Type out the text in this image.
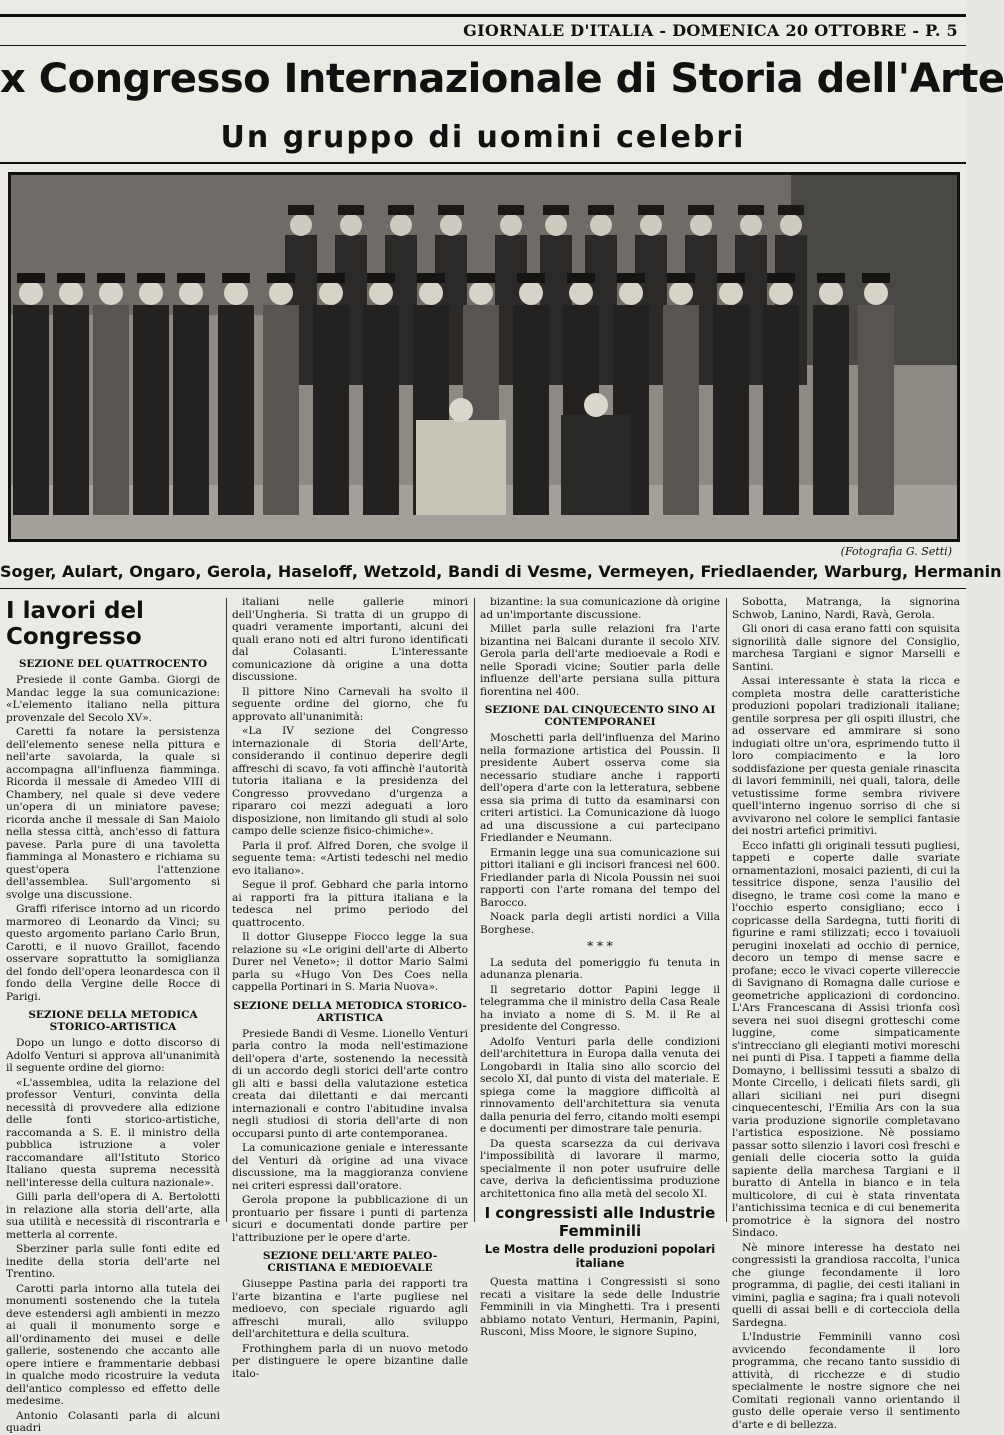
GIORNALE D'ITALIA - DOMENICA 20 OTTOBRE - P. 5
x Congresso Internazionale di Storia dell'Arte
Un gruppo di uomini celebri
(Fotografia G. Setti)
Soger, Aulart, Ongaro, Gerola, Haseloff, Wetzold, Bandi di Vesme, Vermeyen, Friedlaender, Warburg, Hermanin
I lavori del Congresso
SEZIONE DEL QUATTROCENTO

Presiede il conte Gamba. Giorgi de Mandac legge la sua comunicazione: «L'elemento italiano nella pittura provenzale del Secolo XV».

Caretti fa notare la persistenza dell'elemento senese nella pittura e nell'arte savoiarda, la quale si accompagna all'influenza fiamminga. Ricorda il messale di Amedeo VIII di Chambery, nel quale si deve vedere un'opera di un miniatore pavese; ricorda anche il messale di San Maiolo nella stessa città, anch'esso di fattura pavese. Parla pure di una tavoletta fiamminga al Monastero e richiama su quest'opera l'attenzione dell'assemblea. Sull'argomento si svolge una discussione.

Graffi riferisce intorno ad un ricordo marmoreo di Leonardo da Vinci; su questo argomento parlano Carlo Brun, Carotti, e il nuovo Graillot, facendo osservare soprattutto la somiglianza del fondo dell'opera leonardesca con il fondo della Vergine delle Rocce di Parigi.

SEZIONE DELLA METODICA STORICO-ARTISTICA

Dopo un lungo e dotto discorso di Adolfo Venturi si approva all'unanimità il seguente ordine del giorno:

«L'assemblea, udita la relazione del professor Venturi, convinta della necessità di provvedere alla edizione delle fonti storico-artistiche, raccomanda a S. E. il ministro della pubblica istruzione a voler raccomandare all'Istituto Storico Italiano questa suprema necessità nell'interesse della cultura nazionale».

Gilli parla dell'opera di A. Bertolotti in relazione alla storia dell'arte, alla sua utilità e necessità di riscontrarla e metterla al corrente.

Sberziner parla sulle fonti edite ed inedite della storia dell'arte nel Trentino.

Carotti parla intorno alla tutela dei monumenti sostenendo che la tutela deve estendersi agli ambienti in mezzo ai quali il monumento sorge e all'ordinamento dei musei e delle gallerie, sostenendo che accanto alle opere intiere e frammentarie debbasi in qualche modo ricostruire la veduta dell'antico complesso ed effetto delle medesime.

Antonio Colasanti parla di alcuni quadri

italiani nelle gallerie minori dell'Ungheria. Si tratta di un gruppo di quadri veramente importanti, alcuni dei quali erano noti ed altri furono identificati dal Colasanti. L'interessante comunicazione dà origine a una dotta discussione.

Il pittore Nino Carnevali ha svolto il seguente ordine del giorno, che fu approvato all'unanimità:

«La IV sezione del Congresso internazionale di Storia dell'Arte, considerando il continuo deperire degli affreschi di scavo, fa voti affinchè l'autorità tutoria italiana e la presidenza del Congresso provvedano d'urgenza a ripararo coi mezzi adeguati a loro disposizione, non limitando gli studi al solo campo delle scienze fisico-chimiche».

Parla il prof. Alfred Doren, che svolge il seguente tema: «Artisti tedeschi nel medio evo italiano».

Segue il prof. Gebhard che parla intorno ai rapporti fra la pittura italiana e la tedesca nel primo periodo del quattrocento.

Il dottor Giuseppe Fiocco legge la sua relazione su «Le origini dell'arte di Alberto Durer nel Veneto»; il dottor Mario Salmi parla su «Hugo Von Des Coes nella cappella Portinari in S. Maria Nuova».

SEZIONE DELLA METODICA STORICO-ARTISTICA

Presiede Bandi di Vesme. Lionello Venturi parla contro la moda nell'estimazione dell'opera d'arte, sostenendo la necessità di un accordo degli storici dell'arte contro gli alti e bassi della valutazione estetica creata dai dilettanti e dai mercanti internazionali e contro l'abitudine invalsa negli studiosi di storia dell'arte di non occuparsi punto di arte contemporanea.

La comunicazione geniale e interessante del Venturi dà origine ad una vivace discussione, ma la maggioranza conviene nei criteri espressi dall'oratore.

Gerola propone la pubblicazione di un prontuario per fissare i punti di partenza sicuri e documentati donde partire per l'attribuzione per le opere d'arte.

SEZIONE DELL'ARTE PALEO-CRISTIANA E MEDIOEVALE

Giuseppe Pastina parla dei rapporti tra l'arte bizantina e l'arte pugliese nel medioevo, con speciale riguardo agli affreschi murali, allo sviluppo dell'architettura e della scultura.

Frothinghem parla di un nuovo metodo per distinguere le opere bizantine dalle italo-

bizantine: la sua comunicazione dà origine ad un'importante discussione.

Millet parla sulle relazioni fra l'arte bizantina nei Balcani durante il secolo XIV. Gerola parla dell'arte medioevale a Rodi e nelle Sporadi vicine; Soutier parla delle influenze dell'arte persiana sulla pittura fiorentina nel 400.

SEZIONE DAL CINQUECENTO SINO AI CONTEMPORANEI

Moschetti parla dell'influenza del Marino nella formazione artistica del Poussin. Il presidente Aubert osserva come sia necessario studiare anche i rapporti dell'opera d'arte con la letteratura, sebbene essa sia prima di tutto da esaminarsi con criteri artistici. La Comunicazione dà luogo ad una discussione a cui partecipano Friedlander e Neumann.

Ermanin legge una sua comunicazione sui pittori italiani e gli incisori francesi nel 600. Friedlander parla di Nicola Poussin nei suoi rapporti con l'arte romana del tempo del Barocco.

Noack parla degli artisti nordici a Villa Borghese.

* * *

La seduta del pomeriggio fu tenuta in adunanza plenaria.

Il segretario dottor Papini legge il telegramma che il ministro della Casa Reale ha inviato a nome di S. M. il Re al presidente del Congresso.

Adolfo Venturi parla delle condizioni dell'architettura in Europa dalla venuta dei Longobardi in Italia sino allo scorcio del secolo XI, dal punto di vista del materiale. E spiega come la maggiore difficoltà al rinnovamento dell'architettura sia venuta dalla penuria del ferro, citando molti esempi e documenti per dimostrare tale penuria.

Da questa scarsezza da cui derivava l'impossibilità di lavorare il marmo, specialmente il non poter usufruire delle cave, deriva la deficientissima produzione architettonica fino alla metà del secolo XI.

I congressisti alle Industrie Femminili
Le Mostra delle produzioni popolari italiane

Questa mattina i Congressisti si sono recati a visitare la sede delle Industrie Femminili in via Minghetti. Tra i presenti abbiamo notato Venturi, Hermanin, Papini, Rusconi, Miss Moore, le signore Supino,

Sobotta, Matranga, la signorina Schwob, Lanino, Nardi, Ravà, Gerola.

Gli onori di casa erano fatti con squisita signorilità dalle signore del Consiglio, marchesa Targiani e signor Marselli e Santini.

Assai interessante è stata la ricca e completa mostra delle caratteristiche produzioni popolari tradizionali italiane; gentile sorpresa per gli ospiti illustri, che ad osservare ed ammirare si sono indugiati oltre un'ora, esprimendo tutto il loro compiacimento e la loro soddisfazione per questa geniale rinascita di lavori femminili, nei quali, talora, delle vetustissime forme sembra rivivere quell'interno ingenuo sorriso di che si avvivarono nel colore le semplici fantasie dei nostri artefici primitivi.

Ecco infatti gli originali tessuti pugliesi, tappeti e coperte dalle svariate ornamentazioni, mosaici pazienti, di cui la tessitrice dispone, senza l'ausilio del disegno, le trame così come la mano e l'occhio esperto consigliano; ecco i copricasse della Sardegna, tutti fioriti di figurine e rami stilizzati; ecco i tovaiuoli perugini inoxelati ad occhio di pernice, decoro un tempo di mense sacre e profane; ecco le vivaci coperte villereccie di Savignano di Romagna dalle curiose e geometriche applicazioni di cordoncino. L'Ars Francescana di Assisi trionfa così severa nei suoi disegni grotteschi come luggine, come simpaticamente s'intrecciano gli elegianti motivi moreschi nei punti di Pisa. I tappeti a fiamme della Domayno, i bellissimi tessuti a sbalzo di Monte Circello, i delicati filets sardi, gli allari siciliani nei puri disegni cinquecenteschi, l'Emilia Ars con la sua varia produzione signorile completavano l'artistica esposizione. Nè possiamo passar sotto silenzio i lavori così freschi e geniali delle cioceria sotto la guida sapiente della marchesa Targiani e il buratto di Antella in bianco e in tela multicolore, di cui è stata rinventata l'antichissima tecnica e di cui benemerita promotrice è la signora del nostro Sindaco.

Nè minore interesse ha destato nei congressisti la grandiosa raccolta, l'unica che giunge fecondamente il loro programma, di paglie, dei cesti italiani in vimini, paglia e sagina; fra i quali notevoli quelli di assai belli e di cortecciola della Sardegna.

L'Industrie Femminili vanno così avvicendo fecondamente il loro programma, che recano tanto sussidio di attività, di ricchezze e di studio specialmente le nostre signore che nei Comitati regionali vanno orientando il gusto delle operaie verso il sentimento d'arte e di bellezza.
